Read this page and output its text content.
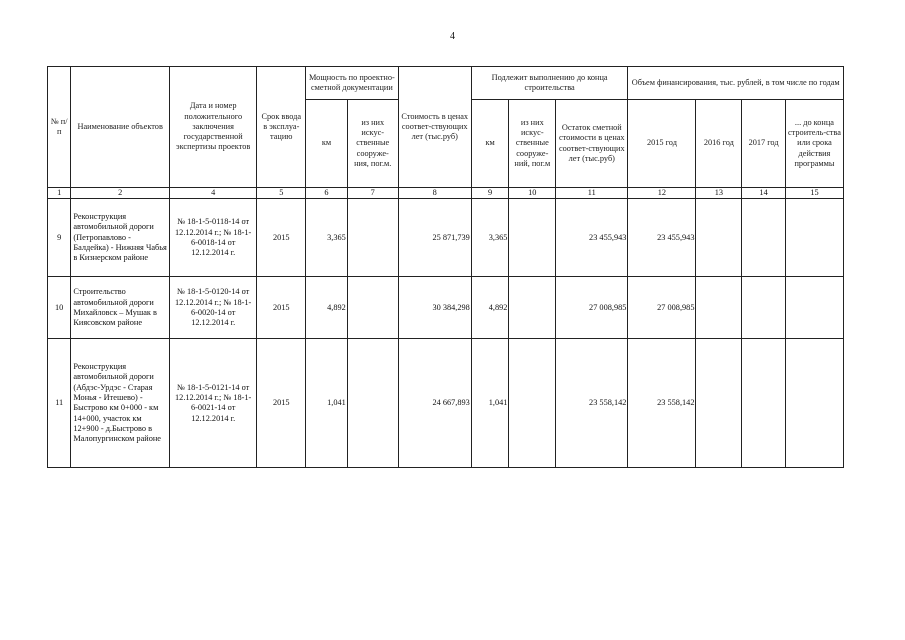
4
№ п/п	Наименование объектов	Дата и номер положительного заключения государственной экспертизы проектов	Срок ввода в эксплуа-тацию	Мощность по проектно-сметной документации		Стоимость в ценах соответ-ствующих лет (тыс.руб)	Подлежит выполнению до конца строительства			Объем финансирования, тыс. рублей, в том числе по годам			
				км	из них искус-ственные сооруже-ния, пог.м.		км	из них искус-ственные сооруже-ний, пог.м	Остаток сметной стоимости в ценах соответ-ствующих лет (тыс.руб)	2015 год	2016 год	2017 год	... до конца строитель-ства или срока действия программы
1	2	4	5	6	7	8	9	10	11	12	13	14	15
9	Реконструкция автомобильной дороги (Петропавлово - Балдейка) - Нижняя Чабья в Кизнерском районе	№ 18-1-5-0118-14 от 12.12.2014 г.; № 18-1-6-0018-14 от 12.12.2014 г.	2015	3,365		25 871,739	3,365		23 455,943	23 455,943			
10	Строительство автомобильной дороги Михайловск – Мушак в Киясовском районе	№ 18-1-5-0120-14 от 12.12.2014 г.; № 18-1-6-0020-14 от 12.12.2014 г.	2015	4,892		30 384,298	4,892		27 008,985	27 008,985			
11	Реконструкция автомобильной дороги (Абдэс-Урдэс - Старая Монья - Итешево) - Быстрово км 0+000 - км 14+000, участок км 12+900 - д.Быстрово в Малопургинском районе	№ 18-1-5-0121-14 от 12.12.2014 г.; № 18-1-6-0021-14 от 12.12.2014 г.	2015	1,041		24 667,893	1,041		23 558,142	23 558,142			
